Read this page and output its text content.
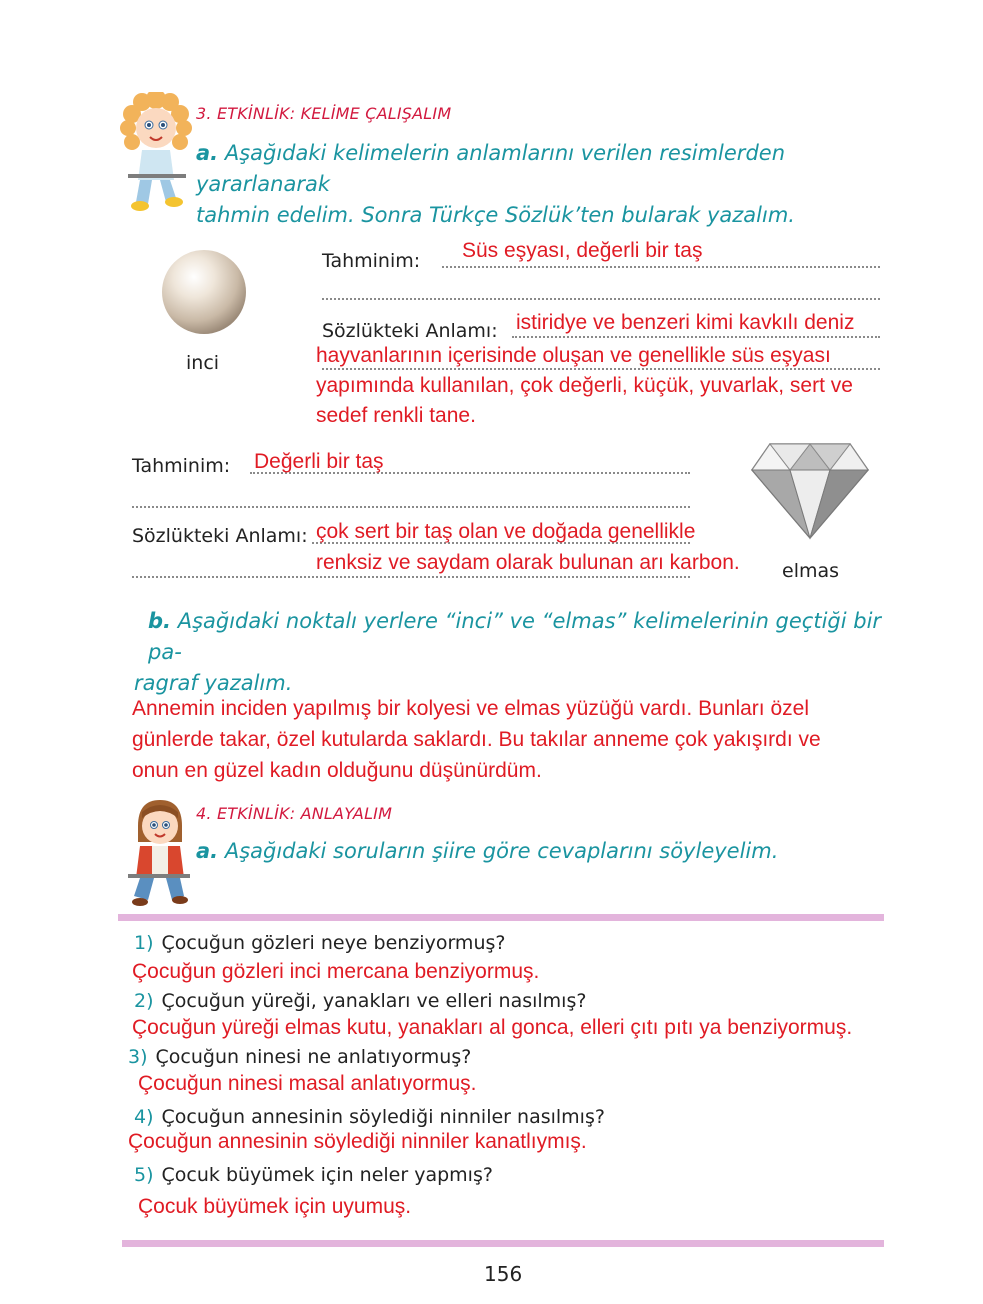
3. ETKİNLİK: KELİME ÇALIŞALIM
a. Aşağıdaki kelimelerin anlamlarını verilen resimlerden yararlanarak
tahmin edelim. Sonra Türkçe Sözlük’ten bularak yazalım.
inci
Tahminim: Süs eşyası, değerli bir taş
Sözlükteki Anlamı: istiridye ve benzeri kimi kavkılı deniz
hayvanlarının içerisinde oluşan ve genellikle süs eşyası
yapımında kullanılan, çok değerli, küçük, yuvarlak, sert ve
sedef renkli tane.
Tahminim: Değerli bir taş
Sözlükteki Anlamı: çok sert bir taş olan ve doğada genellikle
renksiz ve saydam olarak bulunan arı karbon. elmas
b. Aşağıdaki noktalı yerlere “inci” ve “elmas” kelimelerinin geçtiği bir pa-
ragraf yazalım.
Annemin inciden yapılmış bir kolyesi ve elmas yüzüğü vardı. Bunları özel
günlerde takar, özel kutularda saklardı. Bu takılar anneme çok yakışırdı ve
onun en güzel kadın olduğunu düşünürdüm.
4. ETKİNLİK: ANLAYALIM
a. Aşağıdaki soruların şiire göre cevaplarını söyleyelim.
1) Çocuğun gözleri neye benziyormuş?
Çocuğun gözleri inci mercana benziyormuş.
2) Çocuğun yüreği, yanakları ve elleri nasılmış?
Çocuğun yüreği elmas kutu, yanakları al gonca, elleri çıtı pıtı ya benziyormuş.
3) Çocuğun ninesi ne anlatıyormuş?
Çocuğun ninesi masal anlatıyormuş.
4) Çocuğun annesinin söylediği ninniler nasılmış?
Çocuğun annesinin söylediği ninniler kanatlıymış.
5) Çocuk büyümek için neler yapmış?
Çocuk büyümek için uyumuş.
156
